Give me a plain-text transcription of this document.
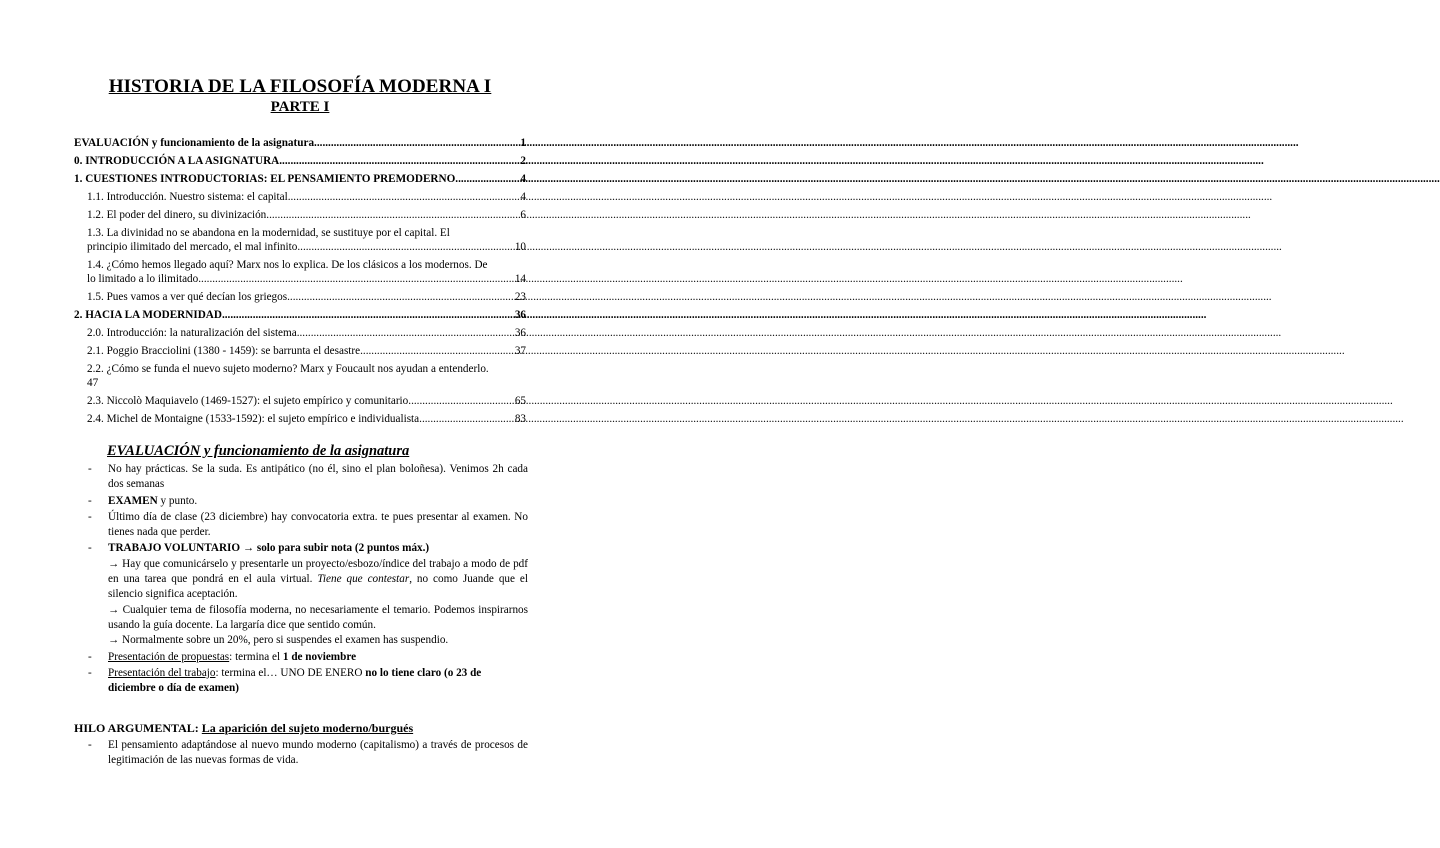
HISTORIA DE LA FILOSOFÍA MODERNA I
PARTE I
EVALUACIÓN y funcionamiento de la asignatura .....	1
0. INTRODUCCIÓN A LA ASIGNATURA .....	2
1. CUESTIONES INTRODUCTORIAS: EL PENSAMIENTO PREMODERNO .....	4
1.1. Introducción. Nuestro sistema: el capital .....	4
1.2. El poder del dinero, su divinización .....	6
1.3. La divinidad no se abandona en la modernidad, se sustituye por el capital. El
principio ilimitado del mercado, el mal infinito .....	10
1.4. ¿Cómo hemos llegado aquí? Marx nos lo explica. De los clásicos a los modernos. De
lo limitado a lo ilimitado .....	14
1.5. Pues vamos a ver qué decían los griegos .....	23
2. HACIA LA MODERNIDAD .....	36
2.0. Introducción: la naturalización del sistema .....	36
2.1. Poggio Bracciolini (1380 - 1459): se barrunta el desastre .....	37
2.2. ¿Cómo se funda el nuevo sujeto moderno? Marx y Foucault nos ayudan a entenderlo.
47
2.3. Niccolò Maquiavelo (1469-1527): el sujeto empírico y comunitario .....	65
2.4. Michel de Montaigne (1533-1592): el sujeto empírico e individualista .....	83
EVALUACIÓN y funcionamiento de la asignatura
-	No hay prácticas. Se la suda. Es antipático (no él, sino el plan boloñesa). Venimos 2h cada dos semanas
-	EXAMEN y punto.
-	Último día de clase (23 diciembre) hay convocatoria extra. te pues presentar al examen. No tienes nada que perder.
-	TRABAJO VOLUNTARIO → solo para subir nota (2 puntos máx.)
→ Hay que comunicárselo y presentarle un proyecto/esbozo/índice del trabajo a modo de pdf en una tarea que pondrá en el aula virtual. Tiene que contestar, no como Juande que el silencio significa aceptación.
→ Cualquier tema de filosofía moderna, no necesariamente el temario. Podemos inspirarnos usando la guía docente. La largaría dice que sentido común.
→ Normalmente sobre un 20%, pero si suspendes el examen has suspendio.
-	Presentación de propuestas: termina el 1 de noviembre
-	Presentación del trabajo: termina el… UNO DE ENERO no lo tiene claro (o 23 de diciembre o día de examen)
HILO ARGUMENTAL: La aparición del sujeto moderno/burgués
-	El pensamiento adaptándose al nuevo mundo moderno (capitalismo) a través de procesos de legitimación de las nuevas formas de vida.
